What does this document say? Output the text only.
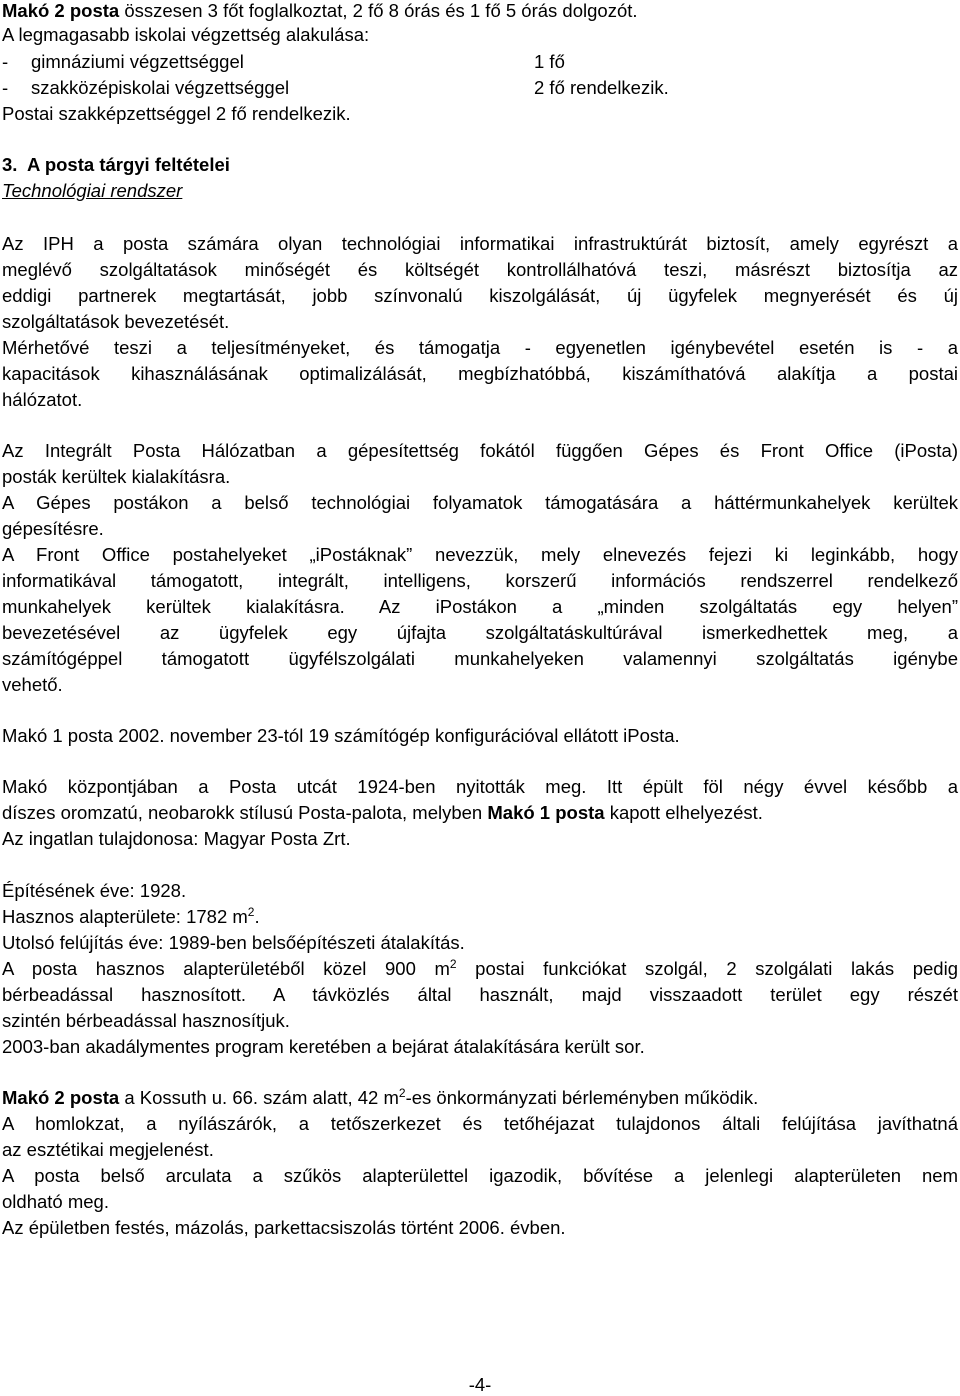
Makó 2 posta összesen 3 főt foglalkoztat, 2 fő 8 órás és 1 fő 5 órás dolgozót.
A legmagasabb iskolai végzettség alakulása:
- gimnáziumi végzettséggel	1 fő
- szakközépiskolai végzettséggel	2 fő rendelkezik.
Postai szakképzettséggel 2 fő rendelkezik.
3.  A posta tárgyi feltételei
Technológiai rendszer
Az IPH a posta számára olyan technológiai informatikai infrastruktúrát biztosít, amely egyrészt a
meglévő szolgáltatások minőségét és költségét kontrollálhatóvá teszi, másrészt biztosítja az
eddigi partnerek megtartását, jobb színvonalú kiszolgálását, új ügyfelek megnyerését és új
szolgáltatások bevezetését.
Mérhetővé teszi a teljesítményeket, és támogatja - egyenetlen igénybevétel esetén is - a
kapacitások kihasználásának optimalizálását, megbízhatóbbá, kiszámíthatóvá alakítja a postai
hálózatot.
Az Integrált Posta Hálózatban a gépesítettség fokától függően Gépes és Front Office (iPosta)
posták kerültek kialakításra.
A Gépes postákon a belső technológiai folyamatok támogatására a háttérmunkahelyek kerültek
gépesítésre.
A Front Office postahelyeket „iPostáknak” nevezzük, mely elnevezés fejezi ki leginkább, hogy
informatikával támogatott, integrált, intelligens, korszerű információs rendszerrel rendelkező
munkahelyek kerültek kialakításra. Az iPostákon a „minden szolgáltatás egy helyen”
bevezetésével az ügyfelek egy újfajta szolgáltatáskultúrával ismerkedhettek meg, a
számítógéppel támogatott ügyfélszolgálati munkahelyeken valamennyi szolgáltatás igénybe
vehető.
Makó 1 posta 2002. november 23-tól 19 számítógép konfigurációval ellátott iPosta.
Makó központjában a Posta utcát 1924-ben nyitották meg. Itt épült föl négy évvel később a
díszes oromzatú, neobarokk stílusú Posta-palota, melyben Makó 1 posta kapott elhelyezést.
Az ingatlan tulajdonosa: Magyar Posta Zrt.
Építésének éve: 1928.
Hasznos alapterülete: 1782 $m^2$.
Utolsó felújítás éve: 1989-ben belsőépítészeti átalakítás.
A posta hasznos alapterületéből közel 900 $m^2$ postai funkciókat szolgál, 2 szolgálati lakás pedig
bérbeadással hasznosított. A távközlés által használt, majd visszaadott terület egy részét
szintén bérbeadással hasznosítjuk.
2003-ban akadálymentes program keretében a bejárat átalakítására került sor.
Makó 2 posta a Kossuth u. 66. szám alatt, 42 $m^2-es$ önkormányzati bérleményben működik.
A homlokzat, a nyílászárók, a tetőszerkezet és tetőhéjazat tulajdonos általi felújítása javíthatná
az esztétikai megjelenést.
A posta belső arculata a szűkös alapterülettel igazodik, bővítése a jelenlegi alapterületen nem
oldható meg.
Az épületben festés, mázolás, parkettacsiszolás történt 2006. évben.
-4-
